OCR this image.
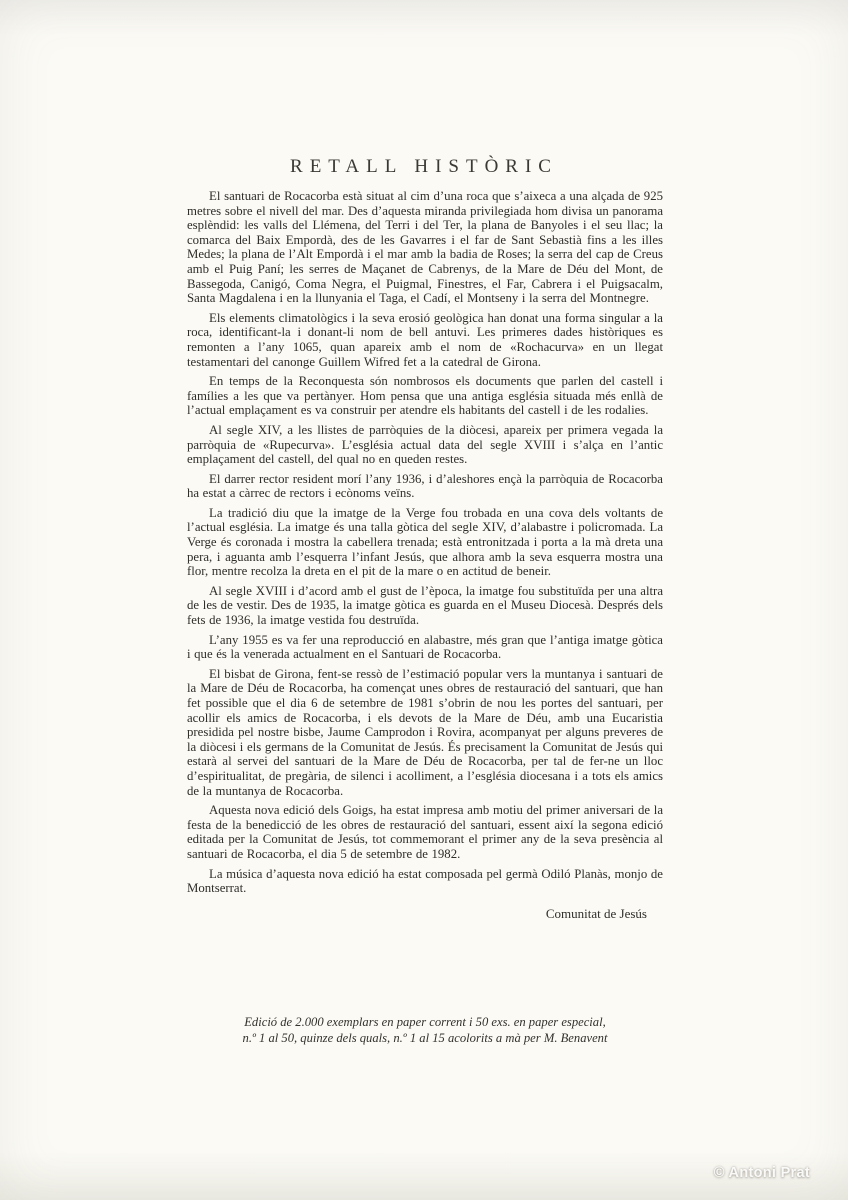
RETALL HISTÒRIC

El santuari de Rocacorba està situat al cim d’una roca que s’aixeca a una alçada de 925 metres sobre el nivell del mar. Des d’aquesta miranda privilegiada hom divisa un panorama esplèndid: les valls del Llémena, del Terri i del Ter, la plana de Banyoles i el seu llac; la comarca del Baix Empordà, des de les Gavarres i el far de Sant Sebastià fins a les illes Medes; la plana de l’Alt Empordà i el mar amb la badia de Roses; la serra del cap de Creus amb el Puig Paní; les serres de Maçanet de Cabrenys, de la Mare de Déu del Mont, de Bassegoda, Canigó, Coma Negra, el Puigmal, Finestres, el Far, Cabrera i el Puigsacalm, Santa Magdalena i en la llunyania el Taga, el Cadí, el Montseny i la serra del Montnegre.

Els elements climatològics i la seva erosió geològica han donat una forma singular a la roca, identificant-la i donant-li nom de bell antuvi. Les primeres dades històriques es remonten a l’any 1065, quan apareix amb el nom de «Rochacurva» en un llegat testamentari del canonge Guillem Wifred fet a la catedral de Girona.

En temps de la Reconquesta són nombrosos els documents que parlen del castell i famílies a les que va pertànyer. Hom pensa que una antiga església situada més enllà de l’actual emplaçament es va construir per atendre els habitants del castell i de les rodalies.

Al segle XIV, a les llistes de parròquies de la diòcesi, apareix per primera vegada la parròquia de «Rupecurva». L’església actual data del segle XVIII i s’alça en l’antic emplaçament del castell, del qual no en queden restes.

El darrer rector resident morí l’any 1936, i d’aleshores ençà la parròquia de Rocacorba ha estat a càrrec de rectors i ecònoms veïns.

La tradició diu que la imatge de la Verge fou trobada en una cova dels voltants de l’actual església. La imatge és una talla gòtica del segle XIV, d’alabastre i policromada. La Verge és coronada i mostra la cabellera trenada; està entronitzada i porta a la mà dreta una pera, i aguanta amb l’esquerra l’infant Jesús, que alhora amb la seva esquerra mostra una flor, mentre recolza la dreta en el pit de la mare o en actitud de beneir.

Al segle XVIII i d’acord amb el gust de l’època, la imatge fou substituïda per una altra de les de vestir. Des de 1935, la imatge gòtica es guarda en el Museu Diocesà. Després dels fets de 1936, la imatge vestida fou destruïda.

L’any 1955 es va fer una reproducció en alabastre, més gran que l’antiga imatge gòtica i que és la venerada actualment en el Santuari de Rocacorba.

El bisbat de Girona, fent-se ressò de l’estimació popular vers la muntanya i santuari de la Mare de Déu de Rocacorba, ha començat unes obres de restauració del santuari, que han fet possible que el dia 6 de setembre de 1981 s’obrin de nou les portes del santuari, per acollir els amics de Rocacorba, i els devots de la Mare de Déu, amb una Eucaristia presidida pel nostre bisbe, Jaume Camprodon i Rovira, acompanyat per alguns preveres de la diòcesi i els germans de la Comunitat de Jesús. És precisament la Comunitat de Jesús qui estarà al servei del santuari de la Mare de Déu de Rocacorba, per tal de fer-ne un lloc d’espiritualitat, de pregària, de silenci i acolliment, a l’església diocesana i a tots els amics de la muntanya de Rocacorba.

Aquesta nova edició dels Goigs, ha estat impresa amb motiu del primer aniversari de la festa de la benedicció de les obres de restauració del santuari, essent així la segona edició editada per la Comunitat de Jesús, tot commemorant el primer any de la seva presència al santuari de Rocacorba, el dia 5 de setembre de 1982.

La música d’aquesta nova edició ha estat composada pel germà Odiló Planàs, monjo de Montserrat.

Comunitat de Jesús
Edició de 2.000 exemplars en paper corrent i 50 exs. en paper especial,
n.º 1 al 50, quinze dels quals, n.º 1 al 15 acolorits a mà per M. Benavent
© Antoni Prat
